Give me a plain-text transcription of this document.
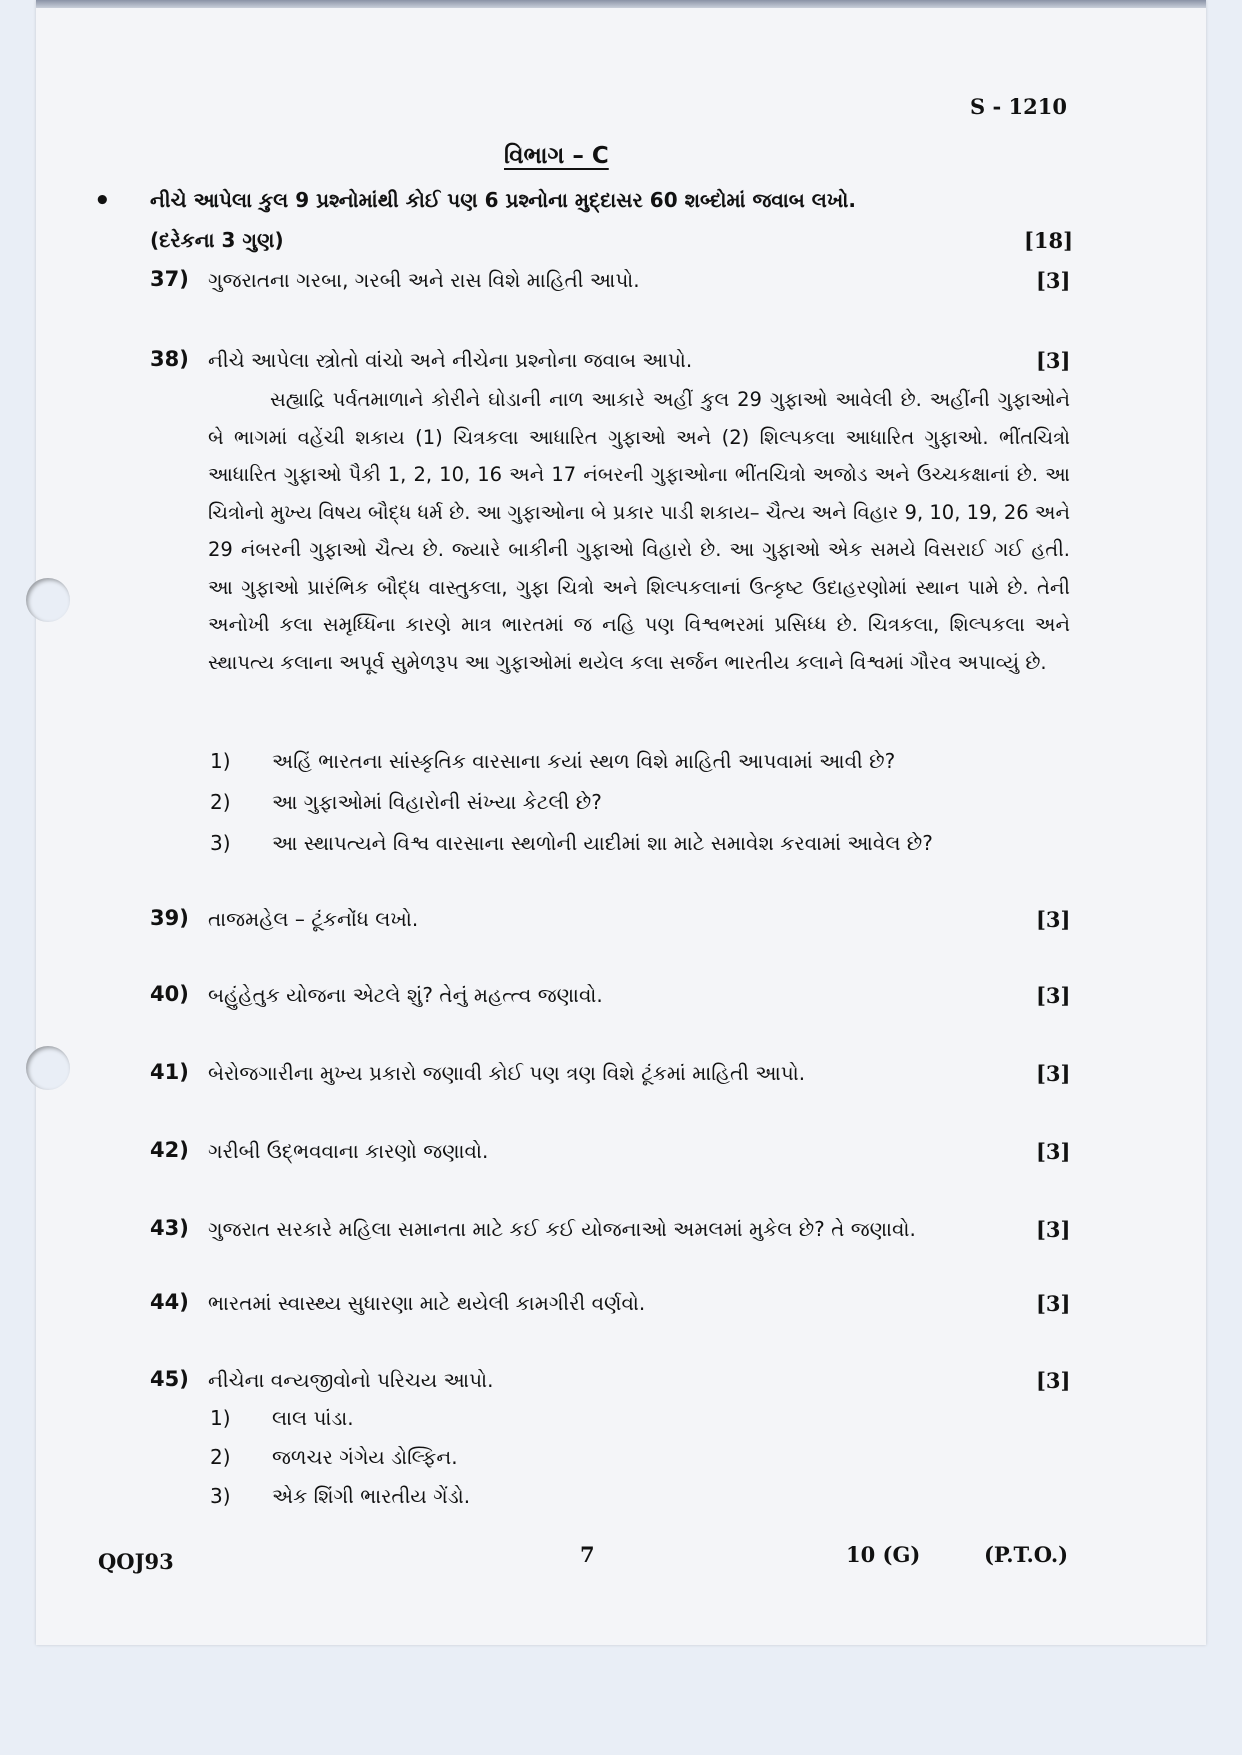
S - 1210
વિભાગ – C
• નીચે આપેલા કુલ 9 પ્રશ્નોમાંથી કોઈ પણ 6 પ્રશ્નોના મુદ્દાસર 60 શબ્દોમાં જવાબ લખો.
(દરેકના 3 ગુણ)	[18]
37) ગુજરાતના ગરબા, ગરબી અને રાસ વિશે માહિતી આપો.	[3]
38) નીચે આપેલા સ્ત્રોતો વાંચો અને નીચેના પ્રશ્નોના જવાબ આપો.	[3]
સહ્યાદ્રિ પર્વતમાળાને કોરીને ઘોડાની નાળ આકારે અહીં કુલ 29 ગુફાઓ આવેલી છે. અહીંની ગુફાઓને બે ભાગમાં વહેંચી શકાય (1) ચિત્રકલા આધારિત ગુફાઓ અને (2) શિલ્પકલા આધારિત ગુફાઓ. ભીંતચિત્રો આધારિત ગુફાઓ પૈકી 1, 2, 10, 16 અને 17 નંબરની ગુફાઓના ભીંતચિત્રો અજોડ અને ઉચ્ચકક્ષાનાં છે. આ ચિત્રોનો મુખ્ય વિષય બૌદ્ધ ધર્મ છે. આ ગુફાઓના બે પ્રકાર પાડી શકાય– ચૈત્ય અને વિહાર 9, 10, 19, 26 અને 29 નંબરની ગુફાઓ ચૈત્ય છે. જ્યારે બાકીની ગુફાઓ વિહારો છે. આ ગુફાઓ એક સમયે વિસરાઈ ગઈ હતી. આ ગુફાઓ પ્રારંભિક બૌદ્ધ વાસ્તુકલા, ગુફા ચિત્રો અને શિલ્પકલાનાં ઉત્કૃષ્ટ ઉદાહરણોમાં સ્થાન પામે છે. તેની અનોખી કલા સમૃધ્ધિના કારણે માત્ર ભારતમાં જ નહિ પણ વિશ્વભરમાં પ્રસિધ્ધ છે. ચિત્રકલા, શિલ્પકલા અને સ્થાપત્ય કલાના અપૂર્વ સુમેળરૂપ આ ગુફાઓમાં થયેલ કલા સર્જન ભારતીય કલાને વિશ્વમાં ગૌરવ અપાવ્યું છે.
1) અહિં ભારતના સાંસ્કૃતિક વારસાના કયાં સ્થળ વિશે માહિતી આપવામાં આવી છે?
2) આ ગુફાઓમાં વિહારોની સંખ્યા કેટલી છે?
3) આ સ્થાપત્યને વિશ્વ વારસાના સ્થળોની યાદીમાં શા માટે સમાવેશ કરવામાં આવેલ છે?
39) તાજમહેલ – ટૂંકનોંધ લખો.	[3]
40) બહુંહેતુક યોજના એટલે શું? તેનું મહત્ત્વ જણાવો.	[3]
41) બેરોજગારીના મુખ્ય પ્રકારો જણાવી કોઈ પણ ત્રણ વિશે ટૂંકમાં માહિતી આપો.	[3]
42) ગરીબી ઉદ્ભવવાના કારણો જણાવો.	[3]
43) ગુજરાત સરકારે મહિલા સમાનતા માટે કઈ કઈ યોજનાઓ અમલમાં મુકેલ છે? તે જણાવો.	[3]
44) ભારતમાં સ્વાસ્થ્ય સુધારણા માટે થયેલી કામગીરી વર્ણવો.	[3]
45) નીચેના વન્યજીવોનો પરિચય આપો.	[3]
1) લાલ પાંડા.
2) જળચર ગંગેય ડોલ્ફિન.
3) એક શિંગી ભારતીય ગેંડો.
QOJ93	7	10 (G)	(P.T.O.)
